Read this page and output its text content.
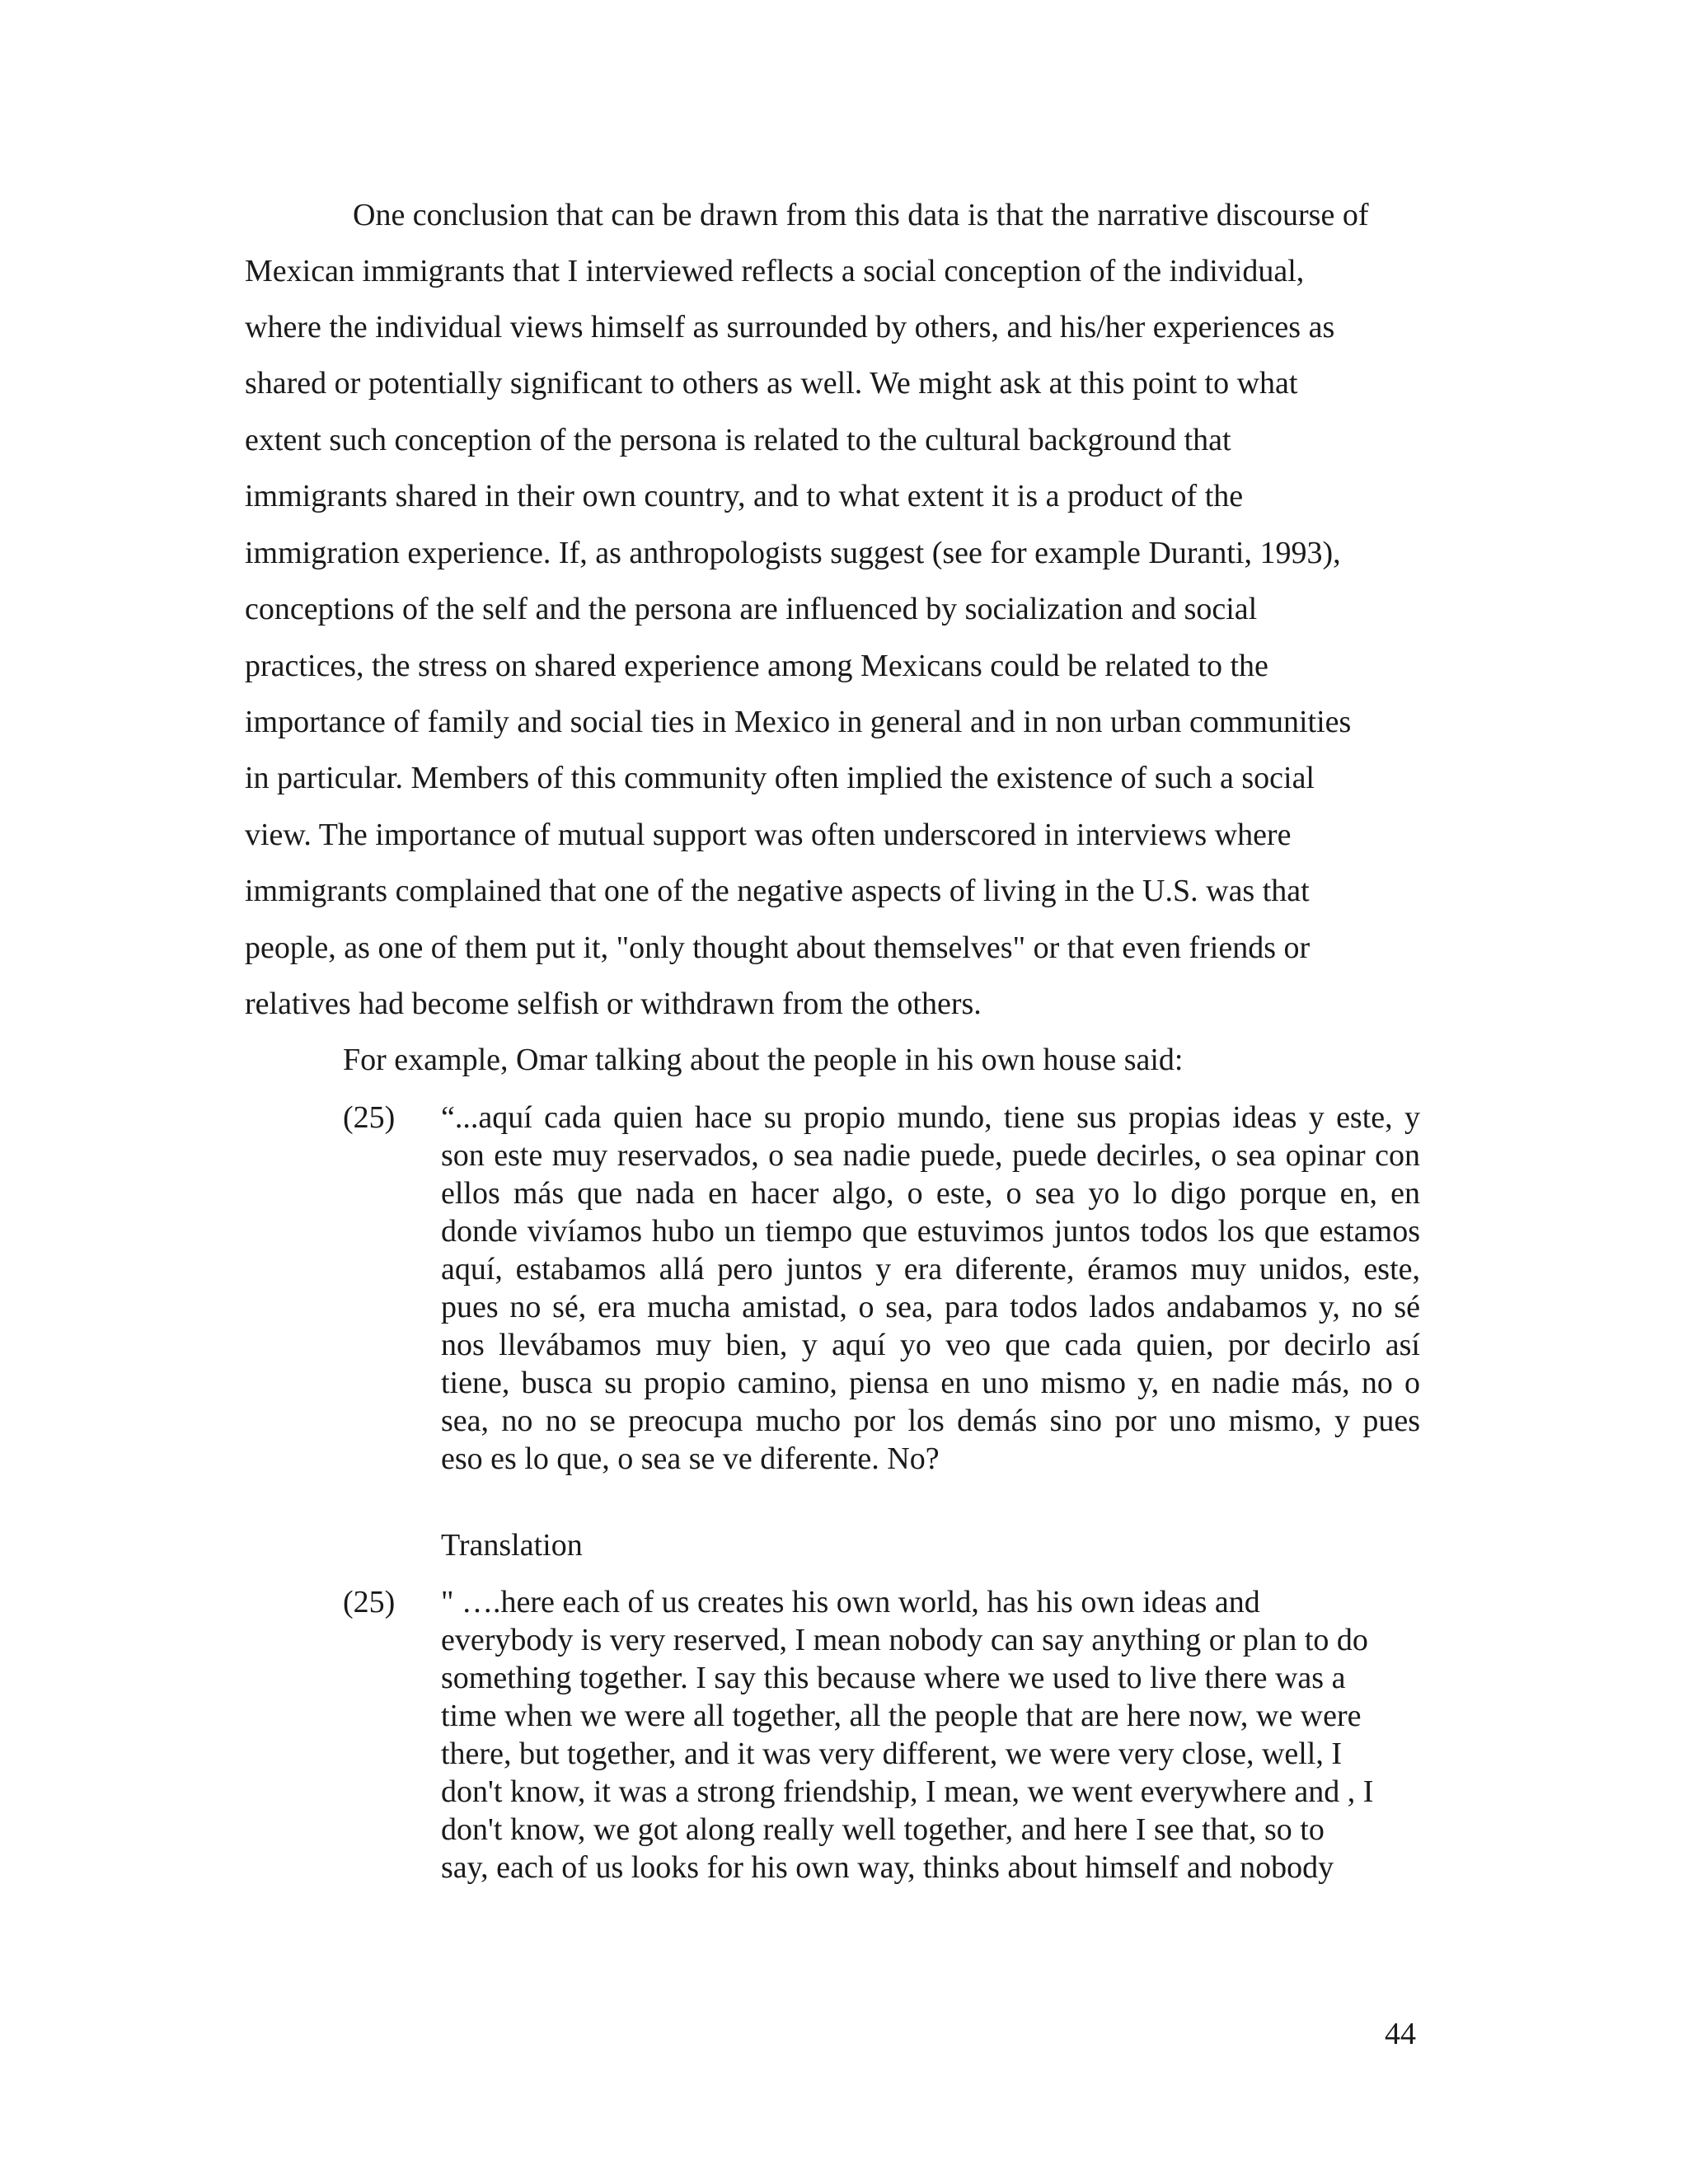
One conclusion that can be drawn from this data is that the narrative discourse of
Mexican immigrants that I interviewed reflects a social conception of the individual,
where the individual views himself as surrounded by others, and his/her experiences as
shared or potentially significant to others as well. We might ask at this point to what
extent such conception of the persona is related to the cultural background that
immigrants shared in their own country, and to what extent it is a product of the
immigration experience. If, as anthropologists suggest (see for example Duranti, 1993),
conceptions of the self and the persona are influenced by socialization and social
practices, the stress on shared experience among Mexicans could be related to the
importance of family and social ties in Mexico in general and in non urban communities
in particular. Members of this community often implied the existence of such a social
view. The importance of mutual support was often underscored in interviews where
immigrants complained that one of the negative aspects of living in the U.S. was that
people, as one of them put it, "only thought about themselves" or that even friends or
relatives had become selfish or withdrawn from the others.
For example, Omar talking about the people in his own house said:
(25) “...aquí cada quien hace su propio mundo, tiene sus propias ideas y este, y
son este muy reservados, o sea nadie puede, puede decirles, o sea opinar con
ellos más que nada en hacer algo, o este, o sea yo lo digo porque en, en
donde vivíamos hubo un tiempo que estuvimos juntos todos los que estamos
aquí, estabamos allá pero juntos y era diferente, éramos muy unidos, este,
pues no sé, era mucha amistad, o sea, para todos lados andabamos y, no sé
nos llevábamos muy bien, y aquí yo veo que cada quien, por decirlo así
tiene, busca su propio camino, piensa en uno mismo y, en nadie más, no o
sea, no no se preocupa mucho por los demás sino por uno mismo, y pues
eso es lo que, o sea se ve diferente. No?
Translation
(25) " ….here each of us creates his own world, has his own ideas and
everybody is very reserved, I mean nobody can say anything or plan to do
something together. I say this because where we used to live there was a
time when we were all together, all the people that are here now, we were
there, but together, and it was very different, we were very close, well, I
don't know, it was a strong friendship, I mean, we went everywhere and , I
don't know, we got along really well together, and here I see that, so to
say, each of us looks for his own way, thinks about himself and nobody
44
